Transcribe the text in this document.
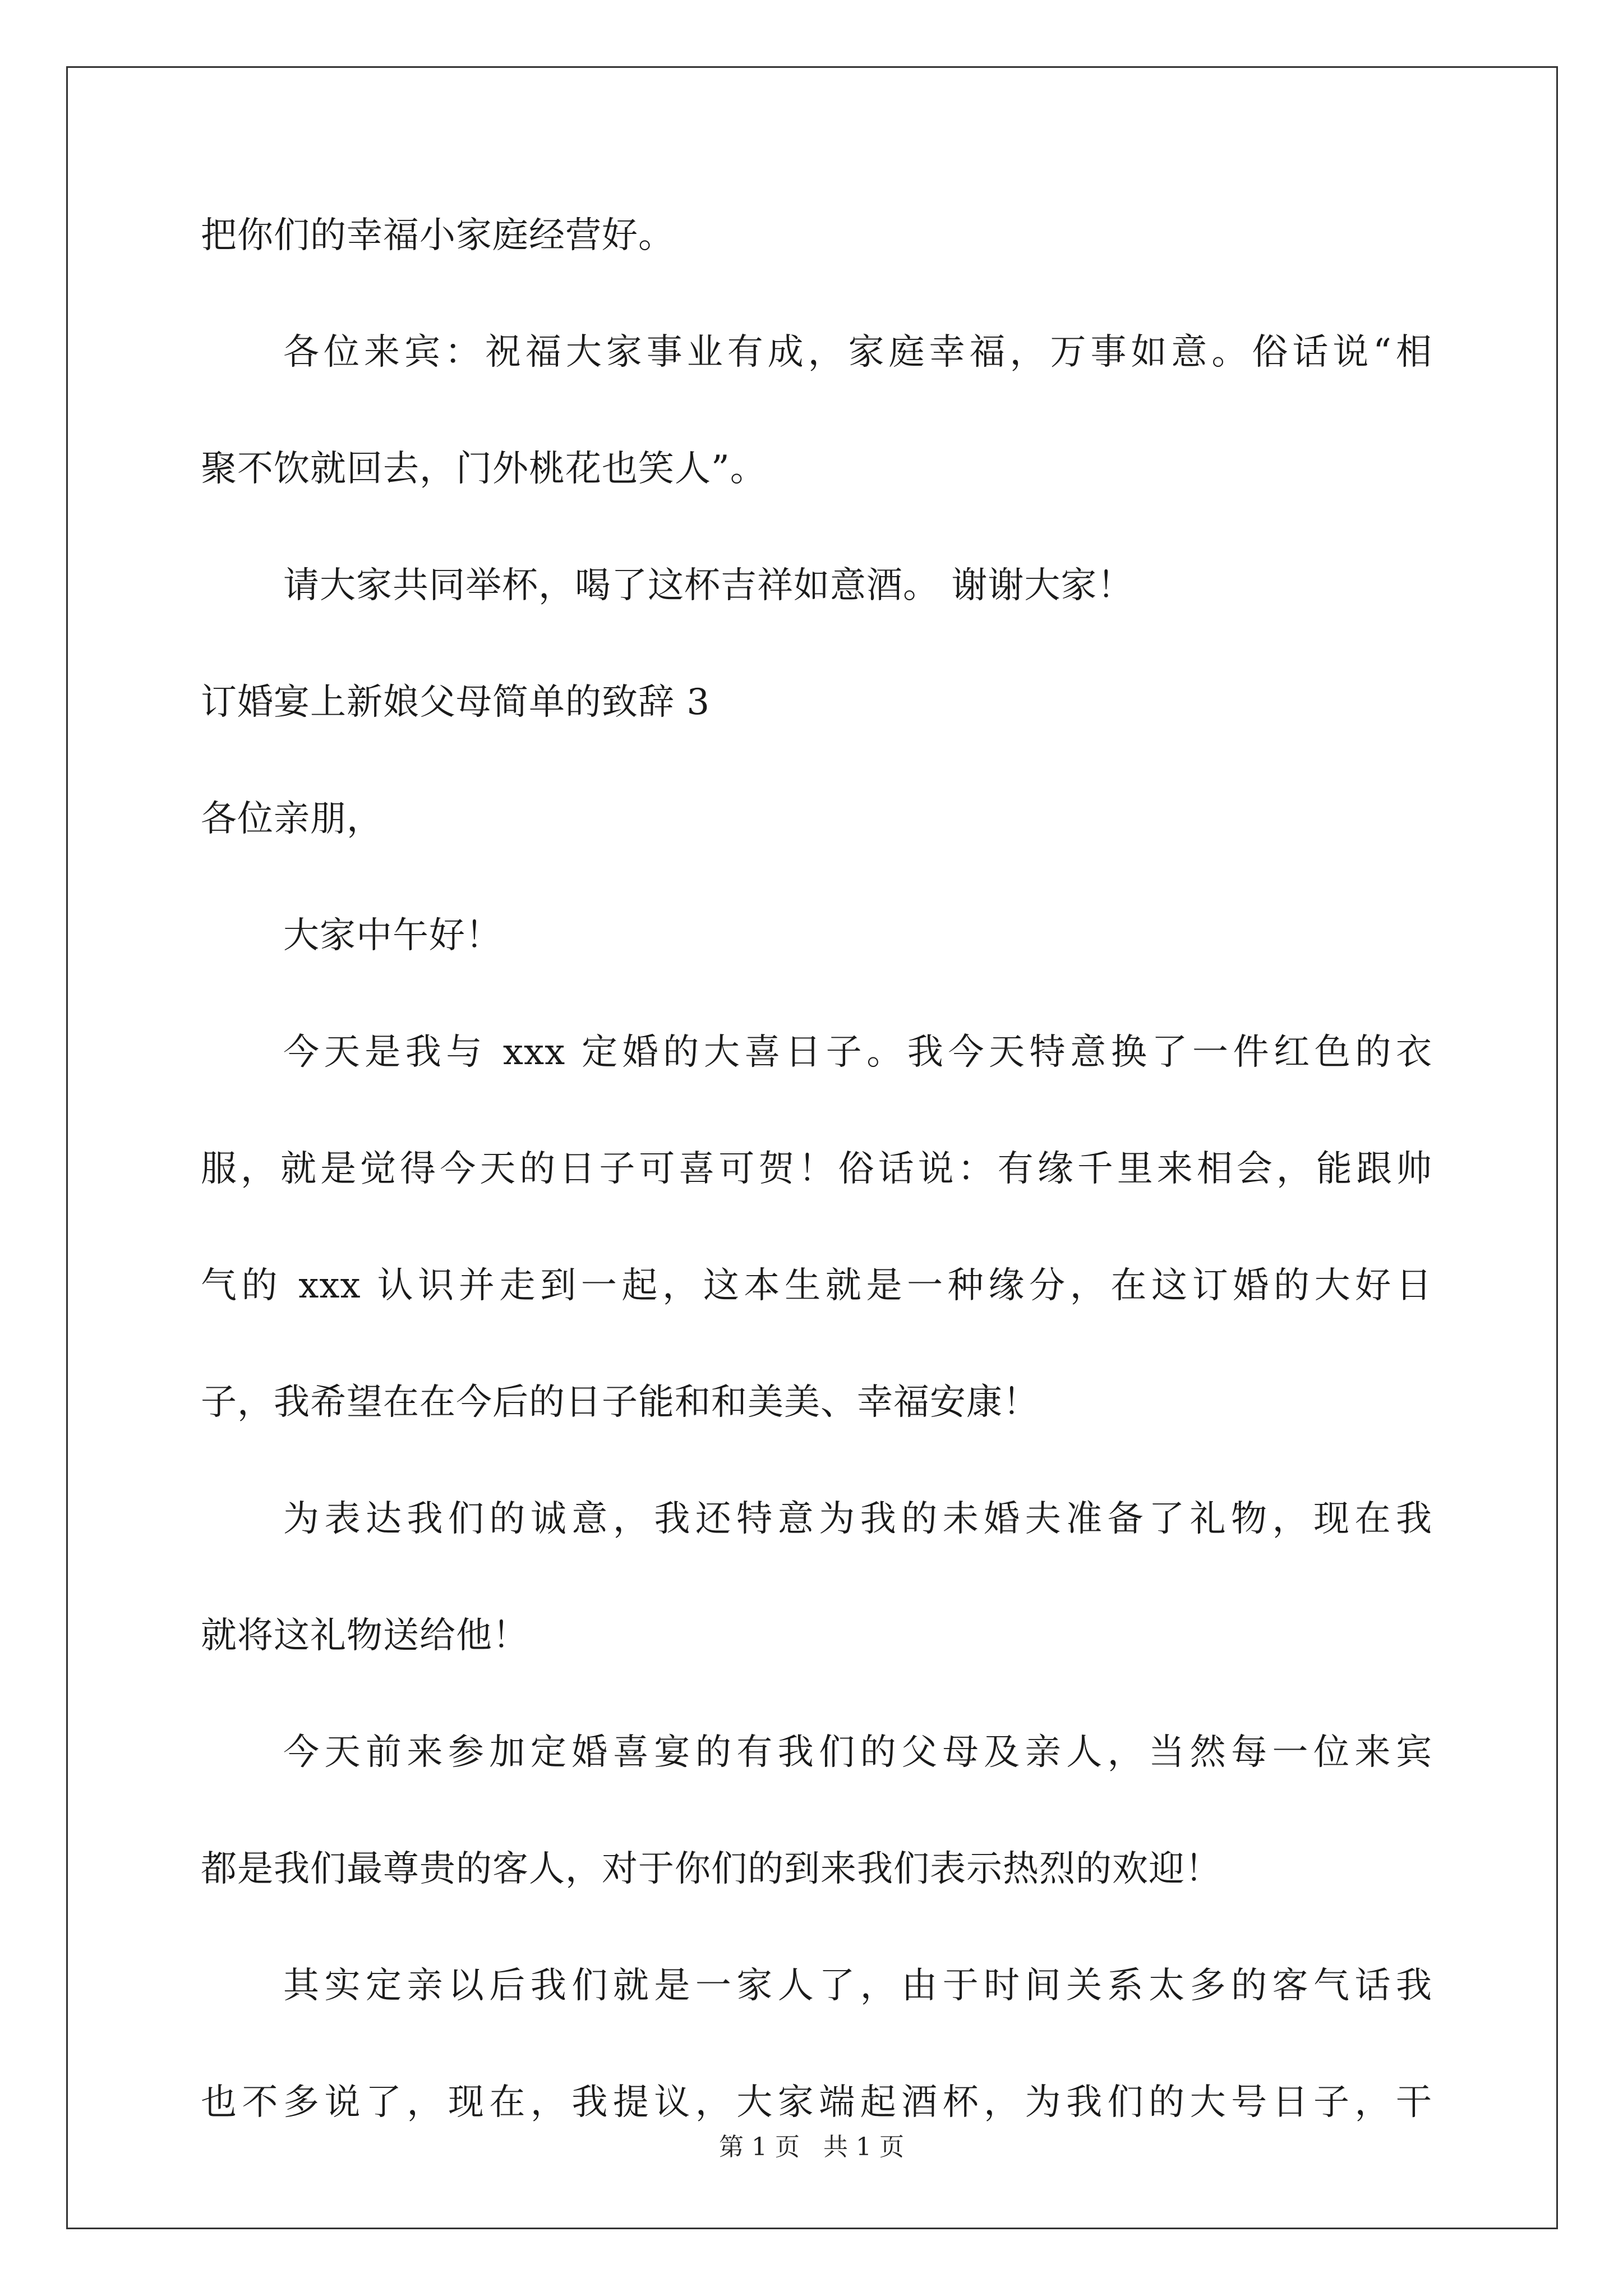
把你们的幸福小家庭经营好。
各位来宾：祝福大家事业有成，家庭幸福，万事如意。俗话说“相
聚不饮就回去，门外桃花也笑人”。
请大家共同举杯，喝了这杯吉祥如意酒。 谢谢大家！
订婚宴上新娘父母简单的致辞 3
各位亲朋，
大家中午好！
今天是我与 xxx 定婚的大喜日子。我今天特意换了一件红色的衣
服，就是觉得今天的日子可喜可贺！俗话说：有缘千里来相会，能跟帅
气的 xxx 认识并走到一起，这本生就是一种缘分，在这订婚的大好日
子，我希望在在今后的日子能和和美美、幸福安康！
为表达我们的诚意，我还特意为我的未婚夫准备了礼物，现在我
就将这礼物送给他！
今天前来参加定婚喜宴的有我们的父母及亲人，当然每一位来宾
都是我们最尊贵的客人，对于你们的到来我们表示热烈的欢迎！
其实定亲以后我们就是一家人了，由于时间关系太多的客气话我
也不多说了，现在，我提议，大家端起酒杯，为我们的大号日子，干
第 1 页   共 1 页
